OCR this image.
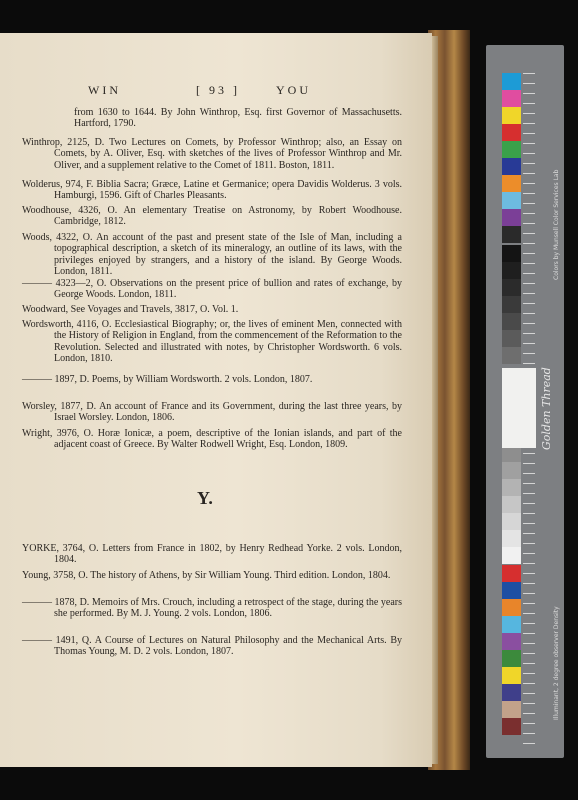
WIN	[ 93 ]	YOU
from 1630 to 1644. By John Winthrop, Esq. first Governor of Massachusetts. Hartford, 1790.
Winthrop, 2125, D. Two Lectures on Comets, by Professor Winthrop; also, an Essay on Comets, by A. Oliver, Esq. with sketches of the lives of Professor Winthrop and Mr. Oliver, and a supplement relative to the Comet of 1811. Boston, 1811.
Wolderus, 974, F. Biblia Sacra; Græce, Latine et Germanice; opera Davidis Wolderus. 3 vols. Hamburgi, 1596. Gift of Charles Pleasants.
Woodhouse, 4326, O. An elementary Treatise on Astronomy, by Robert Woodhouse. Cambridge, 1812.
Woods, 4322, O. An account of the past and present state of the Isle of Man, including a topographical description, a sketch of its mineralogy, an outline of its laws, with the privileges enjoyed by strangers, and a history of the island. By George Woods. London, 1811.
——— 4323—2, O. Observations on the present price of bullion and rates of exchange, by George Woods. London, 1811.
Woodward, See Voyages and Travels, 3817, O. Vol. 1.
Wordsworth, 4116, O. Ecclesiastical Biography; or, the lives of eminent Men, connected with the History of Religion in England, from the commencement of the Reformation to the Revolution. Selected and illustrated with notes, by Christopher Wordsworth. 6 vols. London, 1810.
——— 1897, D. Poems, by William Wordsworth. 2 vols. London, 1807.
Worsley, 1877, D. An account of France and its Government, during the last three years, by Israel Worsley. London, 1806.
Wright, 3976, O. Horæ Ionicæ, a poem, descriptive of the Ionian islands, and part of the adjacent coast of Greece. By Walter Rodwell Wright, Esq. London, 1809.
Y.
YORKE, 3764, O. Letters from France in 1802, by Henry Redhead Yorke. 2 vols. London, 1804.
Young, 3758, O. The history of Athens, by Sir William Young. Third edition. London, 1804.
——— 1878, D. Memoirs of Mrs. Crouch, including a retrospect of the stage, during the years she performed. By M. J. Young. 2 vols. London, 1806.
——— 1491, Q. A Course of Lectures on Natural Philosophy and the Mechanical Arts. By Thomas Young, M. D. 2 vols. London, 1807.
Golden Thread
Colors by Munsell Color Services Lab
Illuminant, 2 degree observer Density
